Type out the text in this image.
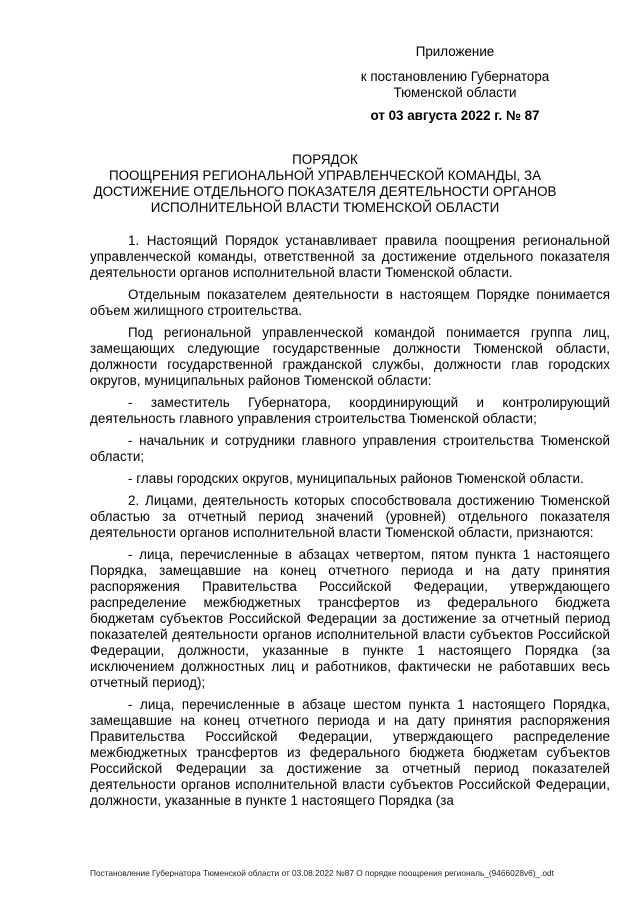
Приложение
к постановлению Губернатора
Тюменской области
от 03 августа 2022 г. № 87
ПОРЯДОК
ПООЩРЕНИЯ РЕГИОНАЛЬНОЙ УПРАВЛЕНЧЕСКОЙ КОМАНДЫ, ЗА
ДОСТИЖЕНИЕ ОТДЕЛЬНОГО ПОКАЗАТЕЛЯ ДЕЯТЕЛЬНОСТИ ОРГАНОВ
ИСПОЛНИТЕЛЬНОЙ ВЛАСТИ ТЮМЕНСКОЙ ОБЛАСТИ

1. Настоящий Порядок устанавливает правила поощрения региональной управленческой команды, ответственной за достижение отдельного показателя деятельности органов исполнительной власти Тюменской области.

Отдельным показателем деятельности в настоящем Порядке понимается объем жилищного строительства.

Под региональной управленческой командой понимается группа лиц, замещающих следующие государственные должности Тюменской области, должности государственной гражданской службы, должности глав городских округов, муниципальных районов Тюменской области:

- заместитель Губернатора, координирующий и контролирующий деятельность главного управления строительства Тюменской области;

- начальник и сотрудники главного управления строительства Тюменской области;

- главы городских округов, муниципальных районов Тюменской области.

2. Лицами, деятельность которых способствовала достижению Тюменской областью за отчетный период значений (уровней) отдельного показателя деятельности органов исполнительной власти Тюменской области, признаются:

- лица, перечисленные в абзацах четвертом, пятом пункта 1 настоящего Порядка, замещавшие на конец отчетного периода и на дату принятия распоряжения Правительства Российской Федерации, утверждающего распределение межбюджетных трансфертов из федерального бюджета бюджетам субъектов Российской Федерации за достижение за отчетный период показателей деятельности органов исполнительной власти субъектов Российской Федерации, должности, указанные в пункте 1 настоящего Порядка (за исключением должностных лиц и работников, фактически не работавших весь отчетный период);

- лица, перечисленные в абзаце шестом пункта 1 настоящего Порядка, замещавшие на конец отчетного периода и на дату принятия распоряжения Правительства Российской Федерации, утверждающего распределение межбюджетных трансфертов из федерального бюджета бюджетам субъектов Российской Федерации за достижение за отчетный период показателей деятельности органов исполнительной власти субъектов Российской Федерации, должности, указанные в пункте 1 настоящего Порядка (за

Постановление Губернатора Тюменской области от 03.08.2022 №87 О порядке поощрения региональ_(9466028v6)_.odt
